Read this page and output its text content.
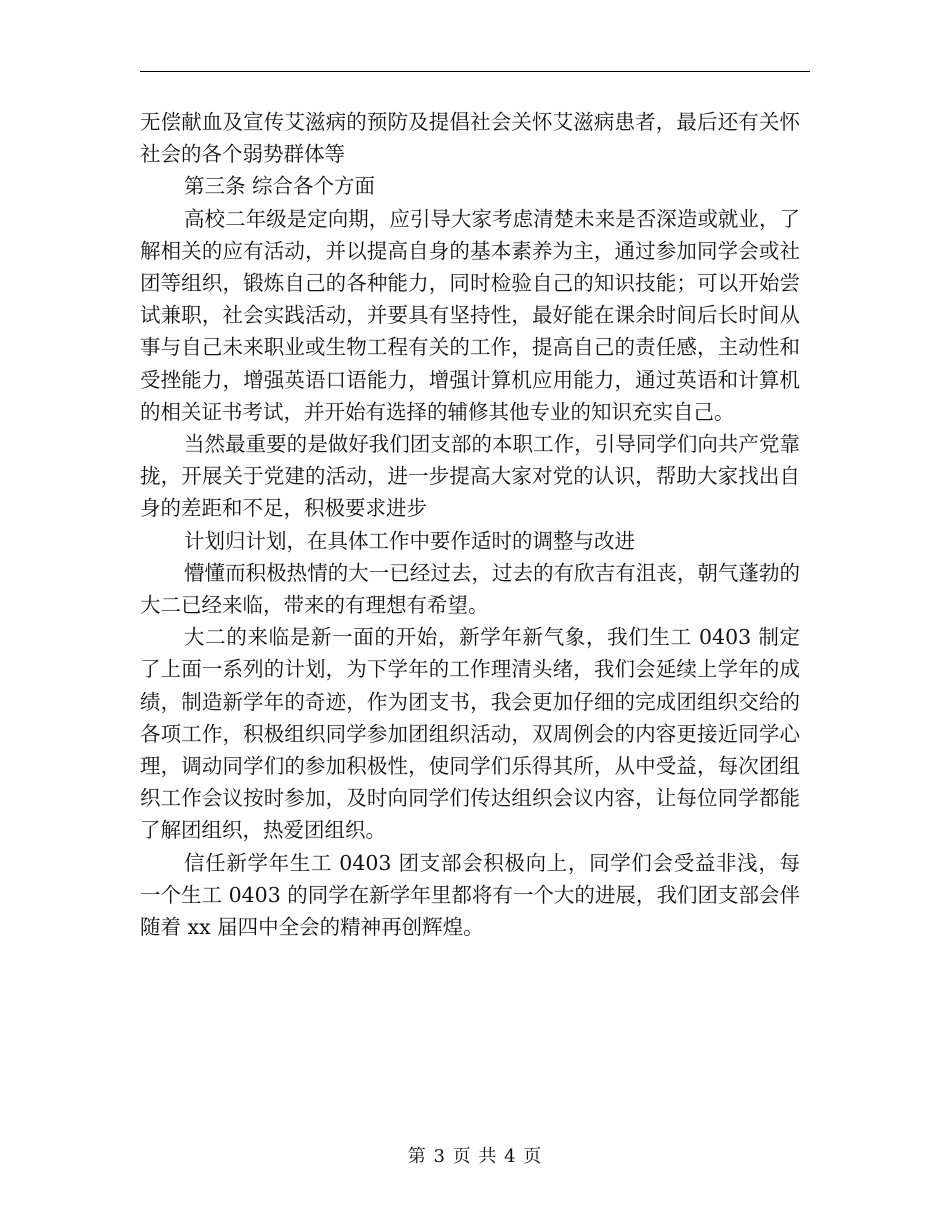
无偿献血及宣传艾滋病的预防及提倡社会关怀艾滋病患者，最后还有关怀社会的各个弱势群体等

第三条 综合各个方面

高校二年级是定向期，应引导大家考虑清楚未来是否深造或就业，了解相关的应有活动，并以提高自身的基本素养为主，通过参加同学会或社团等组织，锻炼自己的各种能力，同时检验自己的知识技能；可以开始尝试兼职，社会实践活动，并要具有坚持性，最好能在课余时间后长时间从事与自己未来职业或生物工程有关的工作，提高自己的责任感，主动性和受挫能力，增强英语口语能力，增强计算机应用能力，通过英语和计算机的相关证书考试，并开始有选择的辅修其他专业的知识充实自己。

当然最重要的是做好我们团支部的本职工作，引导同学们向共产党靠拢，开展关于党建的活动，进一步提高大家对党的认识，帮助大家找出自身的差距和不足，积极要求进步

计划归计划，在具体工作中要作适时的调整与改进

懵懂而积极热情的大一已经过去，过去的有欣吉有沮丧，朝气蓬勃的大二已经来临，带来的有理想有希望。

大二的来临是新一面的开始，新学年新气象，我们生工 0403 制定了上面一系列的计划，为下学年的工作理清头绪，我们会延续上学年的成绩，制造新学年的奇迹，作为团支书，我会更加仔细的完成团组织交给的各项工作，积极组织同学参加团组织活动，双周例会的内容更接近同学心理，调动同学们的参加积极性，使同学们乐得其所，从中受益，每次团组织工作会议按时参加，及时向同学们传达组织会议内容，让每位同学都能了解团组织，热爱团组织。

信任新学年生工 0403 团支部会积极向上，同学们会受益非浅，每一个生工 0403 的同学在新学年里都将有一个大的进展，我们团支部会伴随着 xx 届四中全会的精神再创辉煌。

第 3 页 共 4 页
